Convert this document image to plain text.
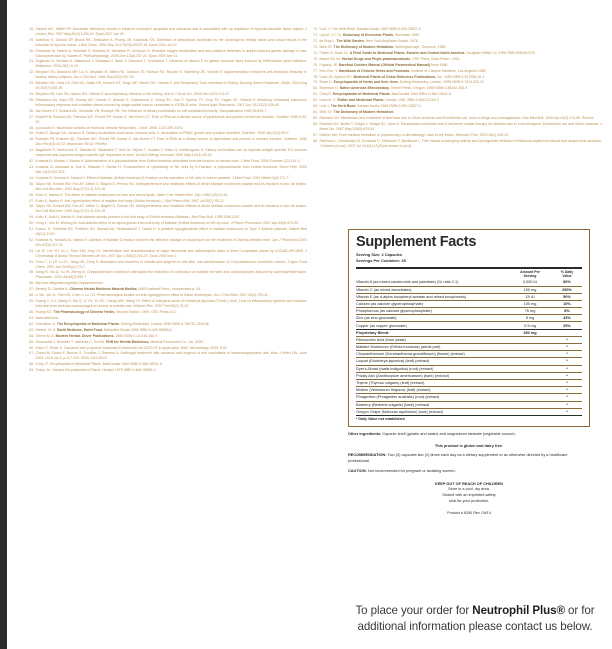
28. Vissers MC, Wilkie RP. Ascorbate deficiency results in impaired neutrophil apoptosis and clearance and is associated with up-regulation of hypoxia-inducible factor 1alpha. J Leukoc Biol. 2007 May;81(5):1236-44. Epub 2007 Jan 30.
29. Salnikow K, Donald SP, Bruick RK, Zhitkovich A, Phang JM, Kasprzak KS. Depletion of intracellular ascorbate by the carcinogenic metals nickel and cobalt results in the induction of hypoxic stress. J Biol Chem. 2004 Sep 24;279(39):40337-44. Epub 2004 Jul 22.
30. Fesharaki M, Nasimi A, Mokhtari S, Mokhtari R, Moradian R, Amirpoor N. Reactive oxygen metabolites and anti-oxidative defenses in aspirin-induced gastric damage in rats: Gastroprotection by Vitamin E. Pathophysiology. 2006 Dec;13(4):237-43. Epub 2006 Sep 11.
31. Sugimoto N, Yoshida N, Nakamura Y, Ichikawa H, Naito Y, Okanoue T, Yoshikawa T. Influence of vitamin E on gastric mucosal injury induced by Helicobacter pylori infection. Biofactors. 2006;28(1):9-19.
32. Meydani SN, Barklund MP, Liu S, Meydani M, Miller RA, Cannon JG, Morrow FD, Rocklin R, Blumberg JB. Vitamin E supplementation enhances cell-mediated immunity in healthy elderly subjects. Am J Clin Nutr. 1990 Sep;52(3):557-63.
33. Meydani SN, Leka LS, Fine BC, Dallal GE, Keusch GT, Singh MF, Hamer DH. Vitamin E and Respiratory Tract Infections in Elderly Nursing Home Residents. JAMA. 2004 Aug 18;292(7):828-36.
34. Meydani SN, Han SN, Hamer DH. Vitamin E and respiratory infection in the elderly. Ann N Y Acad Sci. 2004 Dec;1031:214-22.
35. Shvedova AA, Kisin ER, Murray AR, Gorelik O, Arepalli S, Castranova V, Young SH, Gao F, Tyurina YY, Oury TD, Kagan VE. Vitamin E deficiency enhances pulmonary inflammatory response and oxidative stress induced by single-walled carbon nanotubes in C57BL/6 mice. Toxicol Appl Pharmacol. 2007 Jun 15;221(3):339-48.
36. Van Buren CT, Kulkarni AD, Schandle VB, Rudolph FB. The influence of dietary nucleotides on cell-mediated immunity. Transplantation 1983;36:694-7.
37. Rudolf FB, Kulkarni AD, Fansiow WC, Pizzini RP, Kumar S, Van Buren CT. Role of RNA as a dietary source of pyrimidines and purines in immune function. Nutrition 1990;6:45-52.
38. Jyonouchi H. Nucleotide Actions on Humoral Immune Responses. J Nutr. 1994. 124:1385-143S.
39. Holen E, Bjorge OA, Jonsson R. Dietary nucleotides and human immune cells. II. Modulation of PBMC growth and cytokine secretion. Nutrition. 2006 Jan;22(1):90-6.
40. Rudolph FB, Kulkarni AD, Fanslow WC, Pizzini RP, Kumar S, Van Buren CT. Role of RNA as a dietary source of pyrimidines and purines in immune function. Nutrition. 1990 Jan-Feb;6(1):45-52; discussion 59-62. Review.
41. Nagafuchi S, Hachimura S, Totsuka M, Takahashi T, Goto M, Yajima T, Kuwata T, Hatsu S, Kaminogawa S. Dietary nucleotides can up-regulate antigen-specific Th1 immune responses and suppress antigen-specific IgE responses in mice. Int Arch Allergy Immunol. 2000 May;122(1):33-41.
42. Kodama N, Murata Y, Nanba H. Administration of a polysaccharide from Grifola frondosa stimulates immune function of normal mice. J Med Food. 2004 Summer;7(2):141-5.
43. Kodama N, Asakawa A, Inui A, Masuda Y, Nanba H. Enhancement of cytotoxicity of NK cells by D-Fraction, a polysaccharide from Grifola frondosa. Oncol Rep. 2005 Mar;13(3):497-502.
44. Kodama N, Komuta K, Nanba H. Effect of Maitake (Grifola frondosa) D-Fraction on the activation of NK cells in cancer patients. J Med Food. 2003 Winter;6(4):371-7.
45. Talpur NA, Echard BW, Fan AY, Jaffari O, Bagchi D, Preuss HG. Antihypertensive and metabolic effects of whole Maitake mushroom powder and its fractions in two rat strains. Mol Cell Biochem. 2002 Aug;237(1-2):129-36.
46. Kubo K, Nanba H. The effect of maitake mushrooms on liver and serum lipids. Altern Ther Health Med. Sep; 1996;2(5):62-66.
47. Kubo K, Nanba H. Anti-hyperlipoisis effect of maitake fruit body (Grifola frondosa). L Biol Pharm Bull. 1997 Jul;20(7):781-5.
48. Talpur NA, Echard BW, Fan AY, Jaffari O, Bagchi D, Preuss HG. Antihypertensive and metabolic effects of whole Maitake mushroom powder and its fractions in two rat strains. Mol Cell Biochem. 2002 Aug;237(1-2):129-36.
49. Kubo K, Aoki H, Nanba H. Anti-diabetic activity present in the fruit body of Grifola frondosa (Maitake). Biol Phar Bull. 1788;1196-1110.
50. Hong L, Xun M, Wutong W. Anti-diabetic effect of an alpha-glucan from fruit body of Maitake (Grifola frondosa) on KK-Ay mice. J Pharm Pharmacol. 2007 Apr;59(4):575-82.
51. Konno, S, Tortorelis DG, Fullerton SA, Samadi AA, Hettiarachchi J, Tazaki H. A possible hypoglycaemic effect of maitake mushroom on Type 2 diabetic patients. Diabet Med 18(12):1010.
52. Kodama N, Yamada M, Nanba H. Addition of Maitake D-fraction reduces the effective dosage of vancomycin for the treatment of Listeria-infected mice. Jpn J Pharmacol.2001 Dec;87(4):327-32.
53. Lai JP, Lim YH, Su J, Shen HM, Ong CN. Identification and characterization of major flavonoids and caffeoylquinic acids in three Compositae plants by LC/DAD-APCI/MS. J Chromatogr B Analyt Technol Biomed Life Sci. 2007 Apr 1;848(2):215-25. Epub 2006 Nov 2.
54. Chen T, Li LP, Lu XY, Jiang HD, Zeng S. Absorption and excretion of luteolin and apigenin in rats after oral administration of Chrysanthemum morifolium extract. J Agric Food Chem. 2007 Jan 24;55(2):273-7.
55. Jiang H, Xia Q, Xu W, Zheng M. Chrysanthemum morifolium attenuated the reduction of contraction of isolated rat heart and cardiomyocytes induced by ischemia/reperfusion. Pharmazie. 2004 Jul;59(7):565-7.
56. http://en.wikipedia.org/wiki/Chrysanthemum.
57. Bensky D, Gamble A. Chinese Herbal Medicine Materia Medica 1993 Eastland Press, Incorporated p. 44.
58. Li WL, Wu JL, Ren BR, Chen J, Lu CG. Pharmacological studies on anti-hyperglycemic effect of folium eriobotryae. Am J Chin Med. 2007;35(4):705-11.
59. Huang Y, Li J, Wang R, Wu Q, Li YH, Yu SC, Cheng WM, Wang YY. Effect of triterpene acids of eriobotrya japonica (Thunb.) Lindl. Leaf on inflammatory cytokine and mediator induction from alveolar macrophages of chronic bronchitic rats. Inflamm Res. 2007 Feb;56(2):76-82.
60. Huang KC. The Pharmacology of Chinese Herbs, Second Edition. 1999. CRC Press LLC.
61. www.bibliolora.
62. Chevallier. A. The Encyclopedia of Medicinal Plants. Dorling Kindersley. London 1996 ISBN 9-780751-303148.
63. Weiner. M. A. Earth Medicine, Earth Food. Ballantine Books 1980 ISBN 0-449-90589-6.
64. Grieve M. A. Modern Herbal. Dover Publications. 1984 ISBN 0-14-046-440-9.
65. Gruenwald J, Brendler T, Jaenicke C, Sci Ed. PDR for Herbal Medicines. Medical Economics Co., Inc. 2000.
66. Kisko G, Roller S. Carvacrol and p-cymene inactivate Escherichia coli O157:H7 in apple juice. BMC Microbiology 2005, 5:36.
67. Chami N, Chami F, Bennis S, Trouillas J, Remmal A. Antifungal treatment with carvacrol and eugenol of oral candidiasis in immunosuppressed rats. Braz J Infect Dis, June 2004, vol.8, no.3, p.217-226. ISSN 1413-8670.
68. Chiej, R. Encyclopedia of Medicinal Plants. MacDonald 1984 ISBN 0-356-10541-5.
69. Triska, Dr. Hamlyn Encyclopedia of Plants. Hamlyn 1975 ISBN 0-600-33545-3
70. Lust, J. The Herb Book. Bantam books 1983 ISBN 0-553-23827-2.
71. Uphof, J C Th. Dictionary of Economic Plants. Weinheim 1959.
72. de Bray L. The Wild Garden. New York Mayflower Books. 1978.
73. Mills SY. The Dictionary of Modern Herbalism. Wellingborough: Thorsons, 1985.
74. Foster S, Duke JA. A Field Guide to Medicinal Plants: Eastern and Central North America. Houghton Mifflin Co. 1990 SBN 0395467225.
75. Bisset NG ed. Herbal Drugs and Phyto-pharmaceuticals. CRC Press, Boca Raton, 1994.
76. Fogarty, JE. Barefoot Doctors Manual (Official Paramedical Manual) Anon 1980.
77. Him-Che, Y. Handbook of Chinese Herbs and Formulas. Institute of Chinese Medicine, Los Angeles 1985.
78. Duke JA, Ayensu ES. Medicinal Plants of China Reference Publications, Inc. 1985 ISBN 0-917256-20-4.
79. Bown D. Encyclopaedia of Herbs and their Uses. Dorling Kindersley, London. 1995 ISBN 0-7513-020-31.
80. Moerman D. Native American Ethnobotany. Timber Press, Oregon. 1998 ISBN 0-88192-453-9.
81. Chiej R. Encyclopaedia of Medicinal Plants. MacDonald 1984 ISBN 0-356-10541-5.
82. Launert, E. Edible and Medicinal Plants. Hamlyn 1981 ISBN 0-600-37216-2.
83. Lust J. The Herb Book. Bantam books 1983 ISBN 0-553-23827-2.
84. Mills SY. The Dictionary of Modern Herbalism.
85. Rabbani GH. Mechanism and treatment of diarrhoea due to Vibrio cholerae and Escherichia coli: roles of drugs and prostaglandins. Dan Med Bull. 1996 Apr;43(2):173-85. Review.
86. Rabbani GH, Butler T, Knight J, Sanyal SC, Alam K. Randomized controlled trial of berberine sulfate therapy for diarrhea due to enterotoxigenic Escherichia coli and Vibrio cholerae. J Infect Dis. 1987 May;155(5):979-84.
87. Dattner AM. From medical herbalism to phytotherapy in dermatology: back to the future. Dermatol Ther. 2003;16(2):106-13.
88. Rachova L, Obloziinsky M, Kosalova D, Kettmann V, Bezakova L. Free radical scavenging activity and lipoxygenase inhibition of Mahonia aquifolium extract and isoquinoline alkaloids. J Inflamm (Lond). 2007 Jul 16;4(1):15 [Epub ahead of print].
Supplement Facts
Serving Size: 2 Capsules
Servings Per Container: 45
	Amount Per
Serving	% Daily
Value
Vitamin A (as mixed carotenoids and palmitate) (IU ratio 1:1)	4,000 IU	80%
Vitamin C (as mixed ascorbates)	150 mg	250%
Vitamin E (as d-alpha tocopheryl acetate and mixed tocopherols)	15 IU	50%
Calcium (as calcium glycerophosphate)	100 mg	10%
Phosphorous (as calcium glycerophosphate)	75 mg	8%
Zinc (as zinc gluconate)	5 mg	33%
Copper (as copper gluconate)	0.5 mg	25%
Proprietary Blend:	450 mg	
Ribonucleic Acid (from yeast)		*
Maitake Mushroom (Grifola frondosa) (aerial part)		*
Chrysanthemum (Dendranthema grandiflorum) (flower) (extract)		*
Loquat (Eriobotrya japonica) (leaf) (extract)		*
Dyer's-Woad (Isatis indigotica) (root) (extract)		*
Prickly Ash (Zanthoxylum americanum) (bark) (extract)		*
Thyme (Thymus vulgaris) (leaf) (extract)		*
Mullein (Verbascum thapsus) (leaf) (extract)		*
Phragmites (Phragmites australis) (root) (extract)		*
Barberry (Berberis vulgaris) (bark) (extract)		*
Oregon Grape (Mahonia aquifolium) (root) (extract)		*
* Daily Value not established
Other ingredients: Capsule shell (gelatin and water) and magnesium stearate (vegetable source).
This product is gluten and dairy free.
RECOMMENDATION: Two (2) capsules two (2) times each day as a dietary supplement or as otherwise directed by a healthcare professional.
CAUTION: Not recommended for pregnant or lactating women.
KEEP OUT OF REACH OF CHILDREN
Store in a cool, dry area.
Sealed with an imprinted safety
seal for your protection.
Product # 6350 Rev. 09/14
To place your order for Neutrophil Plus® or for
additional information please contact us below.
